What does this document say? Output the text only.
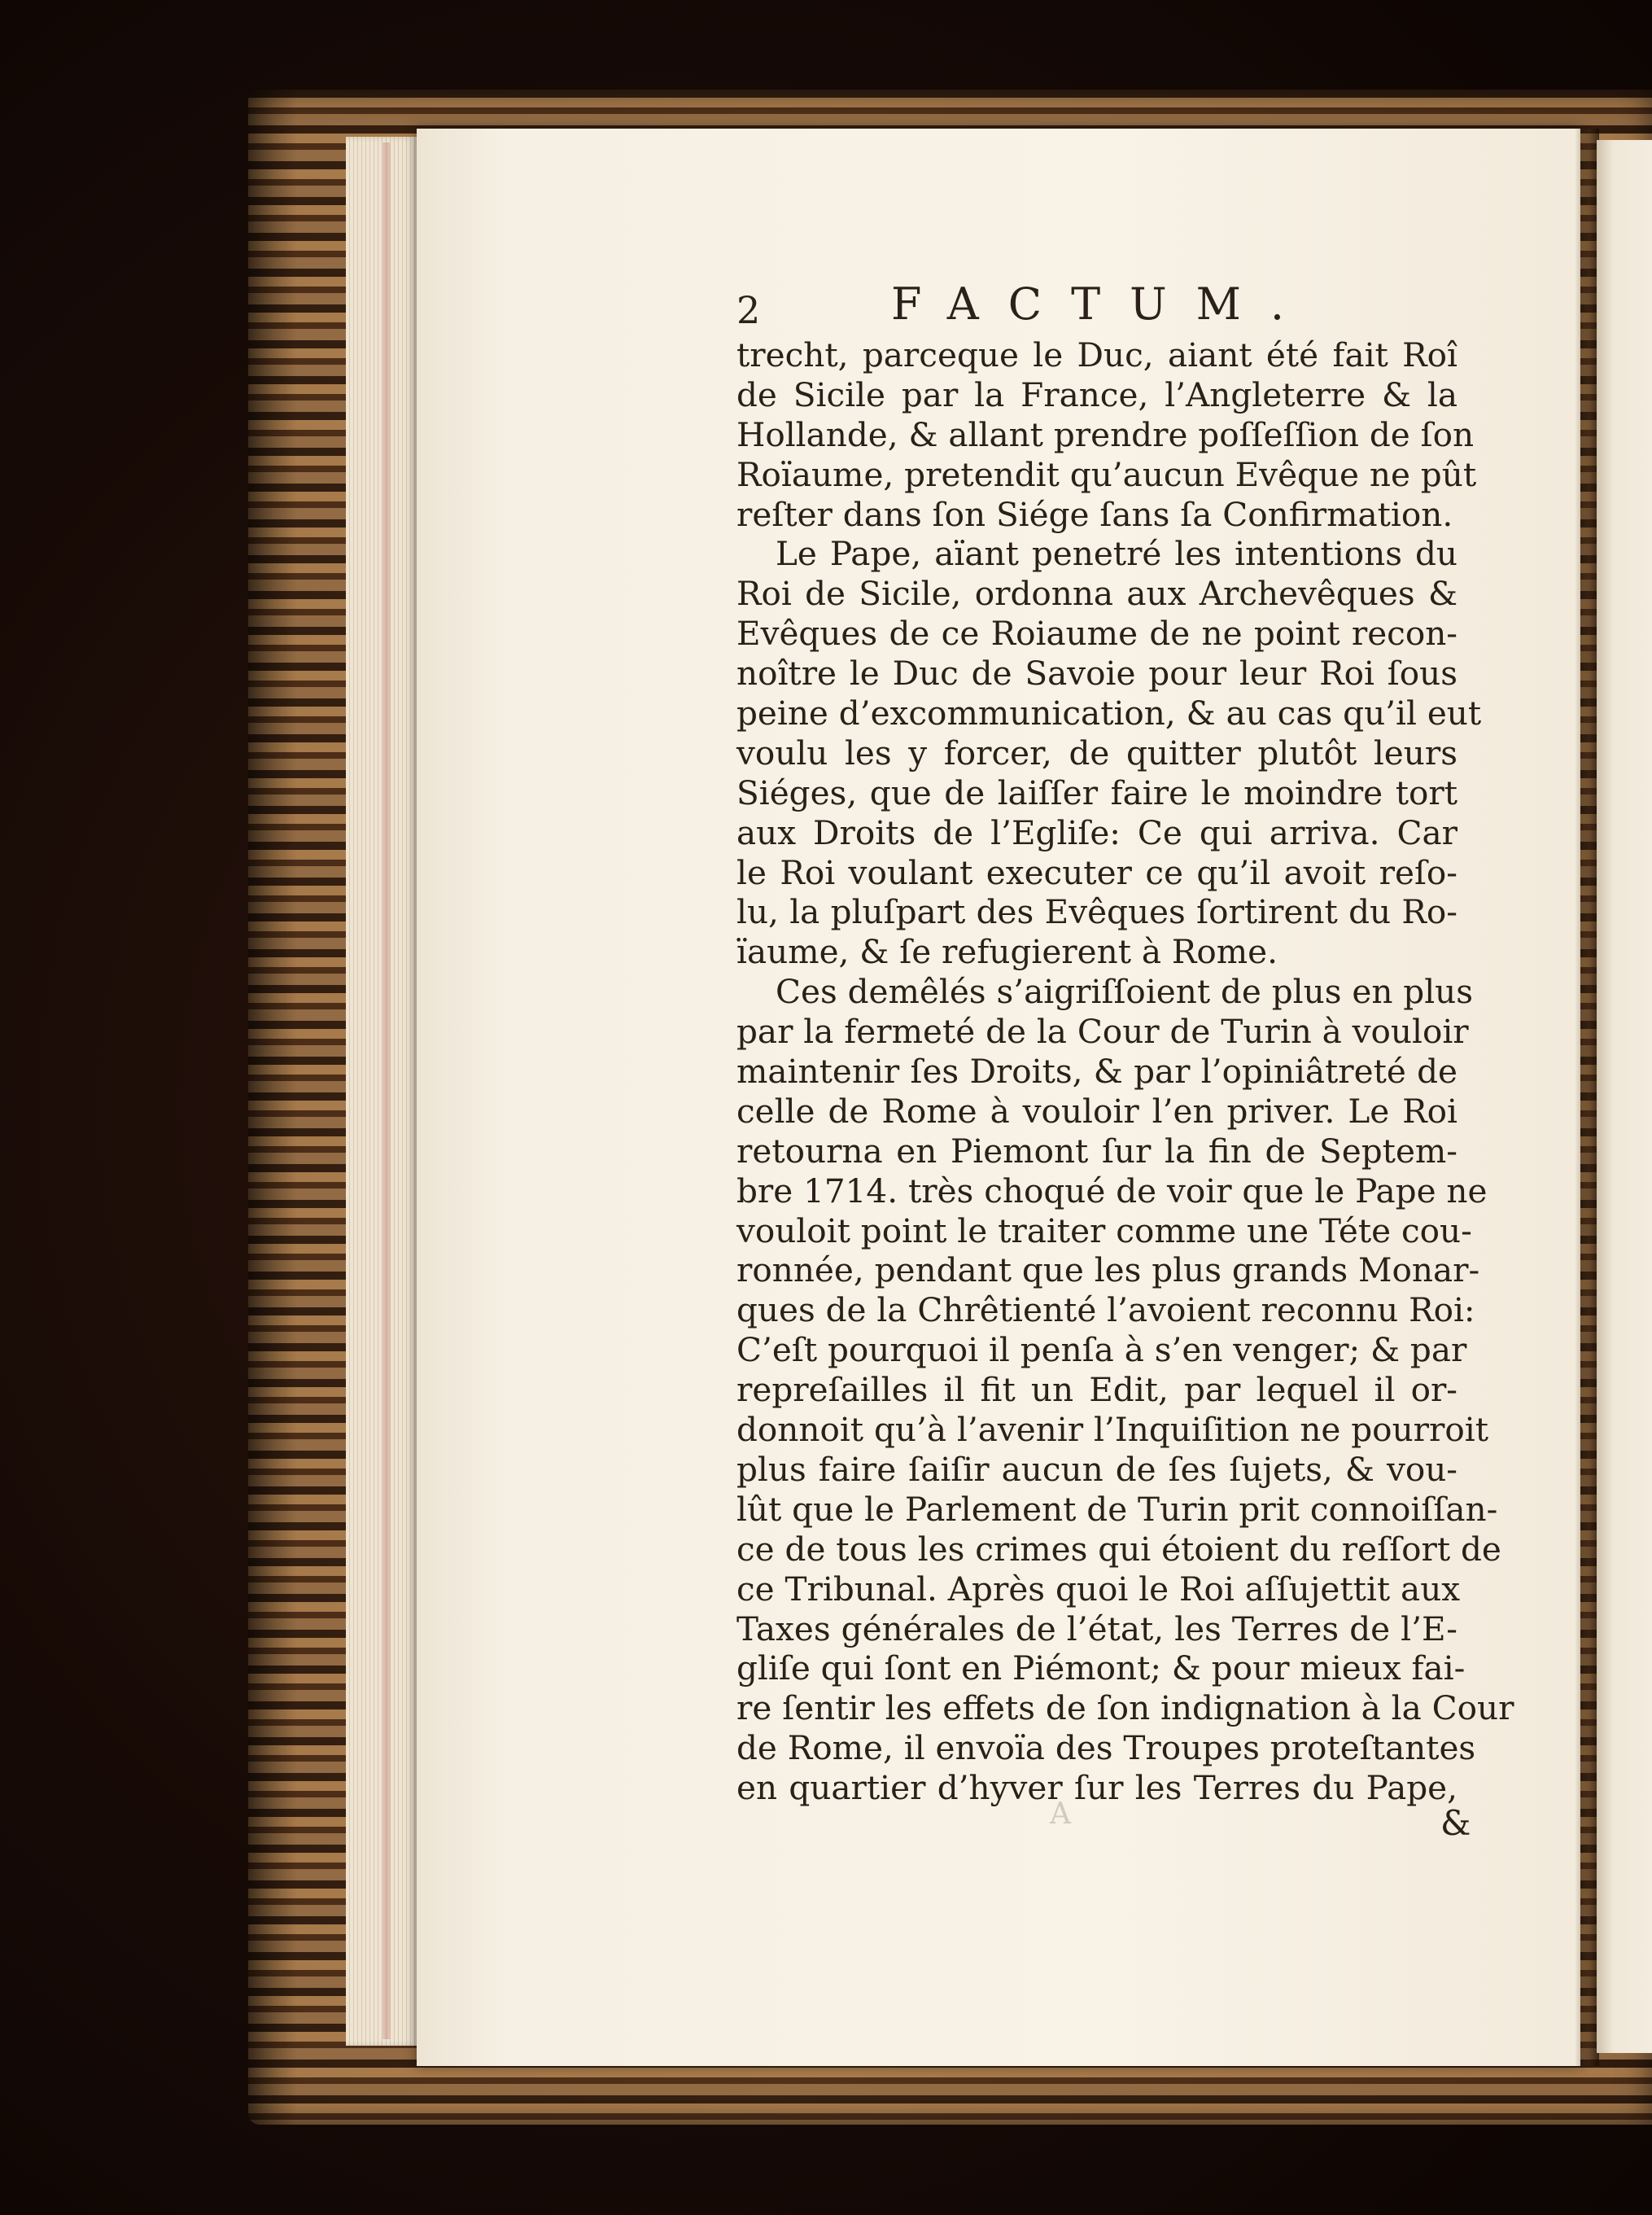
2	FACTUM.
trecht, parceque le Duc, aiant été fait Roî
de Sicile par la France, l’Angleterre & la
Hollande, & allant prendre poſſeſſion de ſon
Roïaume, pretendit qu’aucun Evêque ne pût
reſter dans ſon Siége ſans ſa Confirmation.
Le Pape, aïant penetré les intentions du
Roi de Sicile, ordonna aux Archevêques &
Evêques de ce Roiaume de ne point recon-
noître le Duc de Savoie pour leur Roi ſous
peine d’excommunication, & au cas qu’il eut
voulu les y forcer, de quitter plutôt leurs
Siéges, que de laiſſer faire le moindre tort
aux Droits de l’Egliſe: Ce qui arriva. Car
le Roi voulant executer ce qu’il avoit reſo-
lu, la pluſpart des Evêques ſortirent du Ro-
ïaume, & ſe refugierent à Rome.
Ces demêlés s’aigriſſoient de plus en plus
par la fermeté de la Cour de Turin à vouloir
maintenir ſes Droits, & par l’opiniâtreté de
celle de Rome à vouloir l’en priver. Le Roi
retourna en Piemont ſur la fin de Septem-
bre 1714. très choqué de voir que le Pape ne
vouloit point le traiter comme une Téte cou-
ronnée, pendant que les plus grands Monar-
ques de la Chrêtienté l’avoient reconnu Roi:
C’eſt pourquoi il penſa à s’en venger; & par
repreſailles il fit un Edit, par lequel il or-
donnoit qu’à l’avenir l’Inquiſition ne pourroit
plus faire ſaiſir aucun de ſes ſujets, & vou-
lût que le Parlement de Turin prit connoiſſan-
ce de tous les crimes qui étoient du reſſort de
ce Tribunal. Après quoi le Roi aſſujettit aux
Taxes générales de l’état, les Terres de l’E-
gliſe qui ſont en Piémont; & pour mieux fai-
re ſentir les effets de ſon indignation à la Cour
de Rome, il envoïa des Troupes proteſtantes
en quartier d’hyver ſur les Terres du Pape,
A	&
